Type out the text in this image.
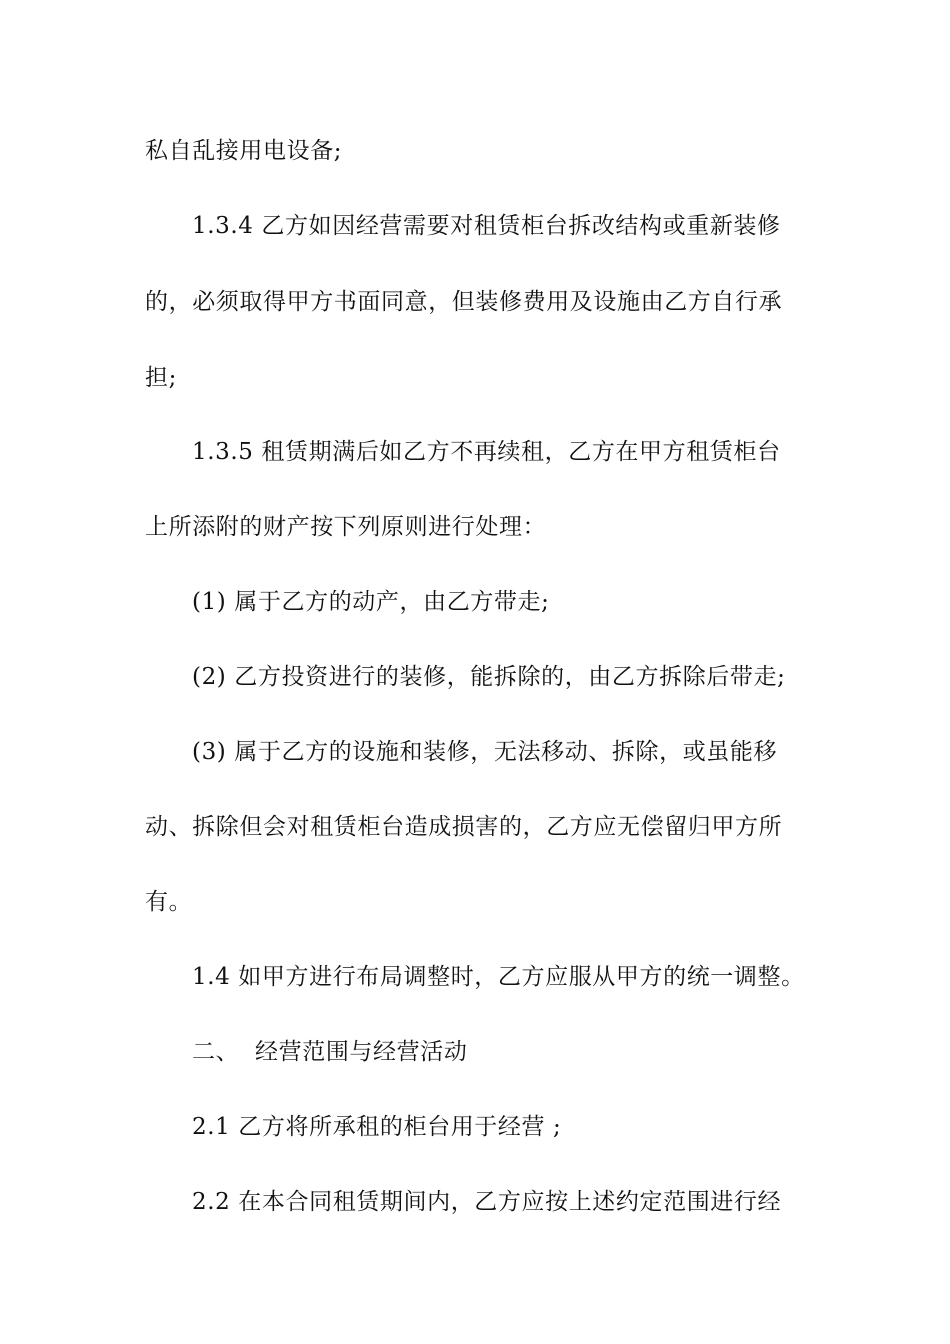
私自乱接用电设备;
1.3.4 乙方如因经营需要对租赁柜台拆改结构或重新装修
的，必须取得甲方书面同意，但装修费用及设施由乙方自行承
担;
1.3.5 租赁期满后如乙方不再续租，乙方在甲方租赁柜台
上所添附的财产按下列原则进行处理：
(1) 属于乙方的动产，由乙方带走;
(2) 乙方投资进行的装修，能拆除的，由乙方拆除后带走;
(3) 属于乙方的设施和装修，无法移动、拆除，或虽能移
动、拆除但会对租赁柜台造成损害的，乙方应无偿留归甲方所
有。
1.4 如甲方进行布局调整时，乙方应服从甲方的统一调整。
二、  经营范围与经营活动
2.1 乙方将所承租的柜台用于经营 ;
2.2 在本合同租赁期间内，乙方应按上述约定范围进行经
